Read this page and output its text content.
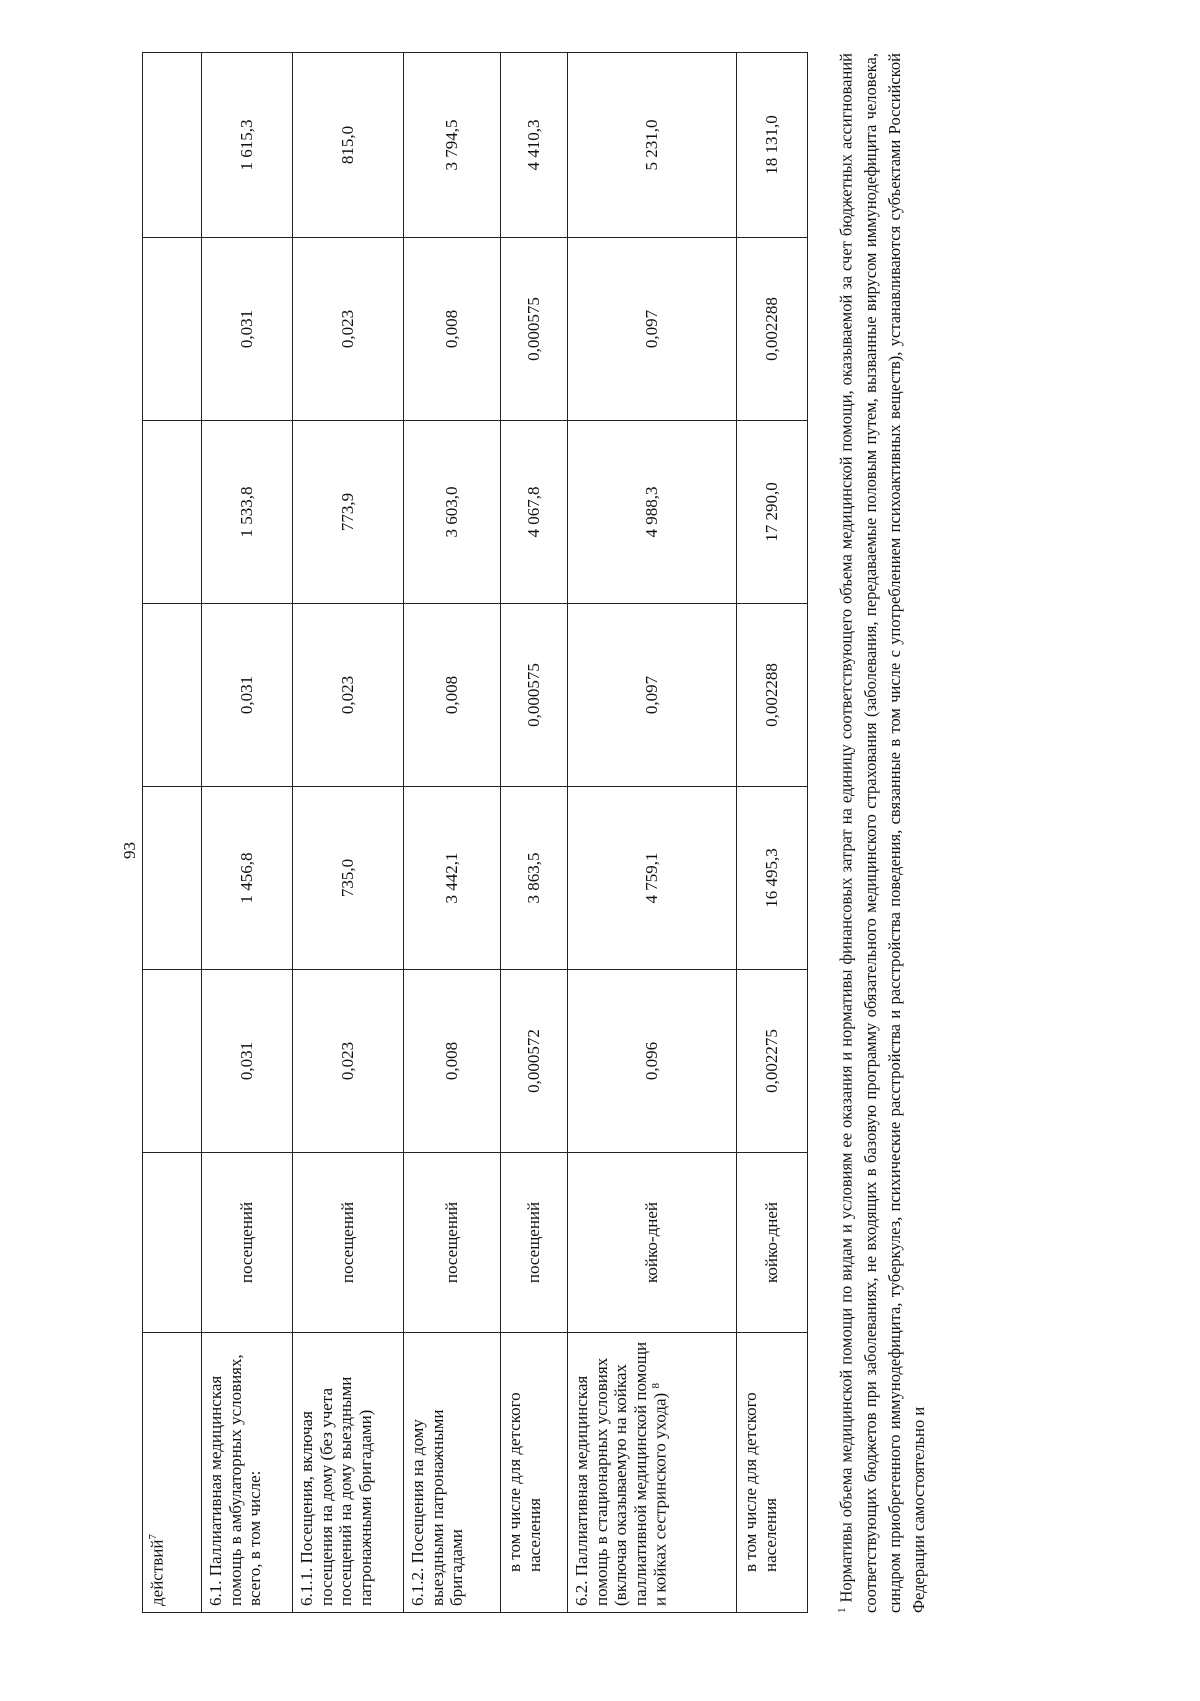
93
действий$^7$							
6.1. Паллиативная медицинская помощь в амбулаторных условиях, всего, в том числе:	посещений	0,031	1 456,8	0,031	1 533,8	0,031	1 615,3
6.1.1. Посещения, включая посещения на дому (без учета посещений на дому выездными патронажными бригадами)	посещений	0,023	735,0	0,023	773,9	0,023	815,0
6.1.2. Посещения на дому выездными патронажными бригадами	посещений	0,008	3 442,1	0,008	3 603,0	0,008	3 794,5

в том числе для детского населения	посещений	0,000572	3 863,5	0,000575	4 067,8	0,000575	4 410,3
6.2. Паллиативная медицинская помощь в стационарных условиях (включая оказываемую на койках паллиативной медицинской помощи и койках сестринского ухода) $^8$	койко-дней	0,096	4 759,1	0,097	4 988,3	0,097	5 231,0

в том числе для детского населения	койко-дней	0,002275	16 495,3	0,002288	17 290,0	0,002288	18 131,0
$^1$ Нормативы объема медицинской помощи по видам и условиям ее оказания и нормативы финансовых затрат на единицу соответствующего объема медицинской помощи, оказываемой за счет бюджетных ассигнований соответствующих бюджетов при заболеваниях, не входящих в базовую программу обязательного медицинского страхования (заболевания, передаваемые половым путем, вызванные вирусом иммунодефицита человека, синдром приобретенного иммунодефицита, туберкулез, психические расстройства и расстройства поведения, связанные в том числе с употреблением психоактивных веществ), устанавливаются субъектами Российской Федерации самостоятельно и
